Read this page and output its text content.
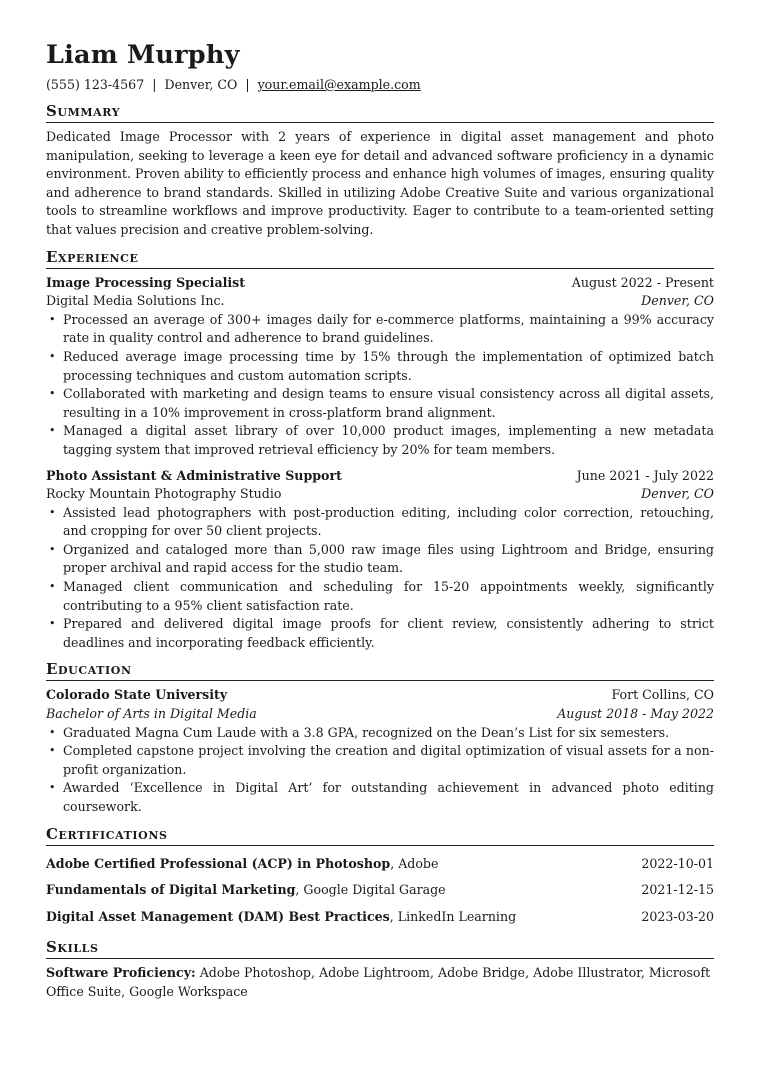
Liam Murphy
(555) 123-4567 | Denver, CO | your.email@example.com
Summary
Dedicated Image Processor with 2 years of experience in digital asset management and photo manipulation, seeking to leverage a keen eye for detail and advanced software proficiency in a dynamic environment. Proven ability to efficiently process and enhance high volumes of images, ensuring quality and adherence to brand standards. Skilled in utilizing Adobe Creative Suite and various organizational tools to streamline workflows and improve productivity. Eager to contribute to a team-oriented setting that values precision and creative problem-solving.
Experience
Image Processing Specialist	August 2022 - Present
Digital Media Solutions Inc.	Denver, CO
• Processed an average of 300+ images daily for e-commerce platforms, maintaining a 99% accuracy rate in quality control and adherence to brand guidelines.
• Reduced average image processing time by 15% through the implementation of optimized batch processing techniques and custom automation scripts.
• Collaborated with marketing and design teams to ensure visual consistency across all digital assets, resulting in a 10% improvement in cross-platform brand alignment.
• Managed a digital asset library of over 10,000 product images, implementing a new metadata tagging system that improved retrieval efficiency by 20% for team members.
Photo Assistant & Administrative Support	June 2021 - July 2022
Rocky Mountain Photography Studio	Denver, CO
• Assisted lead photographers with post-production editing, including color correction, retouching, and cropping for over 50 client projects.
• Organized and cataloged more than 5,000 raw image files using Lightroom and Bridge, ensuring proper archival and rapid access for the studio team.
• Managed client communication and scheduling for 15-20 appointments weekly, significantly contributing to a 95% client satisfaction rate.
• Prepared and delivered digital image proofs for client review, consistently adhering to strict deadlines and incorporating feedback efficiently.
Education
Colorado State University	Fort Collins, CO
Bachelor of Arts in Digital Media	August 2018 - May 2022
• Graduated Magna Cum Laude with a 3.8 GPA, recognized on the Dean’s List for six semesters.
• Completed capstone project involving the creation and digital optimization of visual assets for a non-profit organization.
• Awarded ‘Excellence in Digital Art’ for outstanding achievement in advanced photo editing coursework.
Certifications
Adobe Certified Professional (ACP) in Photoshop, Adobe	2022-10-01
Fundamentals of Digital Marketing, Google Digital Garage	2021-12-15
Digital Asset Management (DAM) Best Practices, LinkedIn Learning	2023-03-20
Skills
Software Proficiency: Adobe Photoshop, Adobe Lightroom, Adobe Bridge, Adobe Illustrator, Microsoft Office Suite, Google Workspace
